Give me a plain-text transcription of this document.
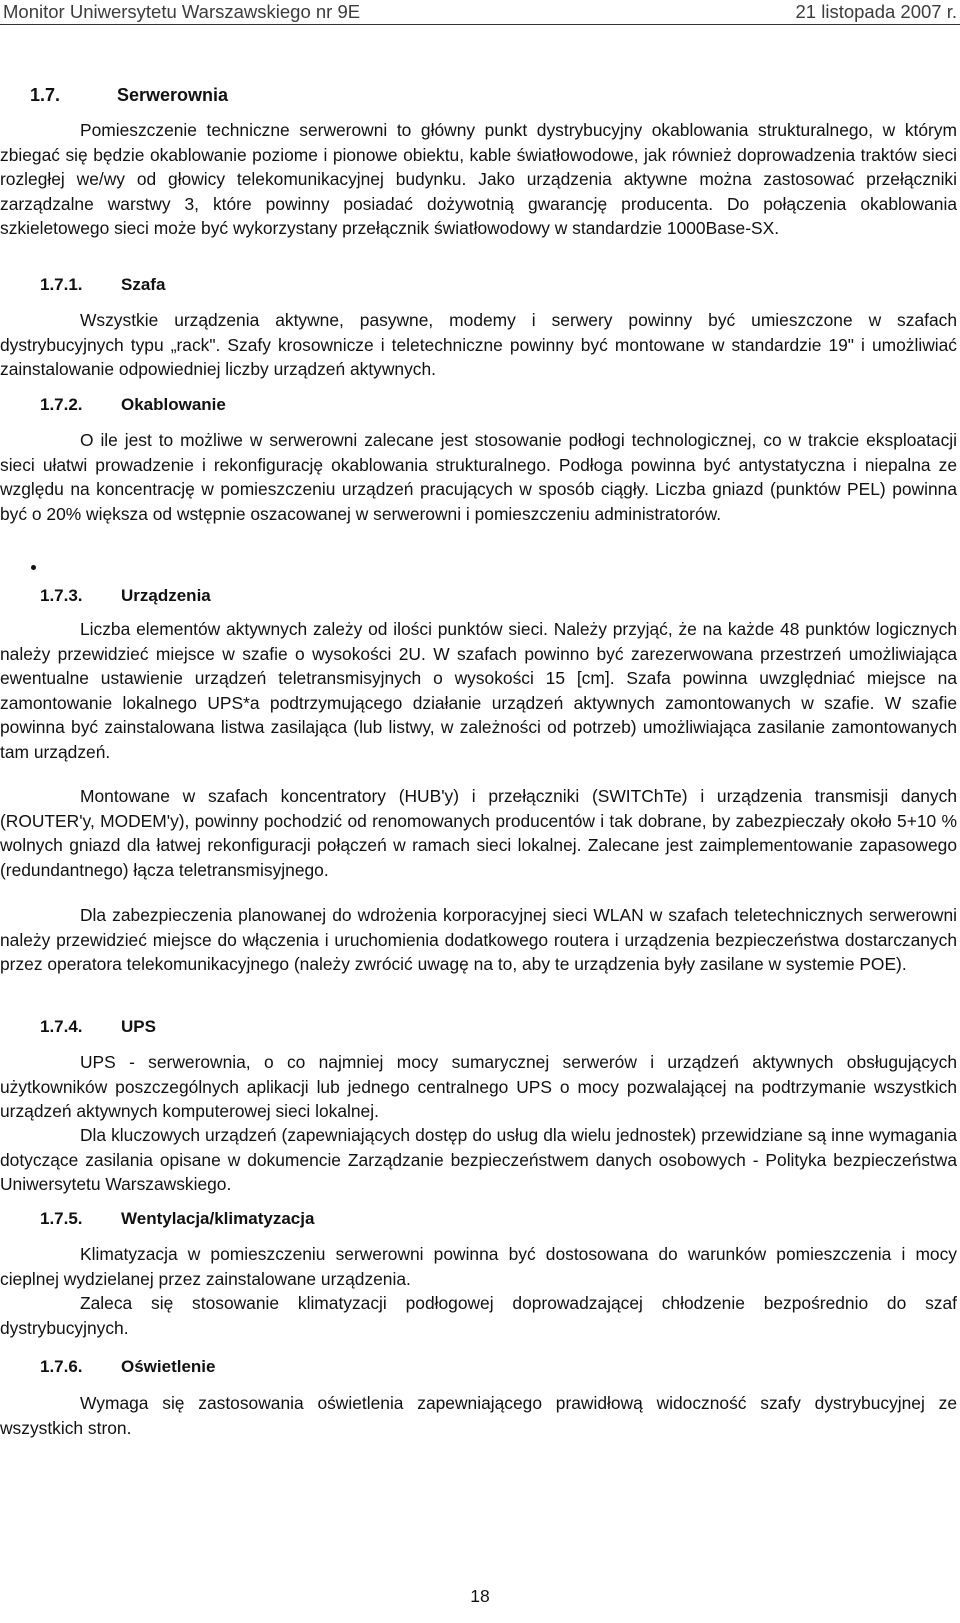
Monitor Uniwersytetu Warszawskiego nr 9E	21 listopada 2007 r.
1.7.	Serwerownia

Pomieszczenie techniczne serwerowni to główny punkt dystrybucyjny okablowania strukturalnego, w którym zbiegać się będzie okablowanie poziome i pionowe obiektu, kable światłowodowe, jak również doprowadzenia traktów sieci rozległej we/wy od głowicy telekomunikacyjnej budynku. Jako urządzenia aktywne można zastosować przełączniki zarządzalne warstwy 3, które powinny posiadać dożywotnią gwarancję producenta. Do połączenia okablowania szkieletowego sieci może być wykorzystany przełącznik światłowodowy w standardzie 1000Base-SX.

1.7.1. Szafa

Wszystkie urządzenia aktywne, pasywne, modemy i serwery powinny być umieszczone w szafach dystrybucyjnych typu „rack". Szafy krosownicze i teletechniczne powinny być montowane w standardzie 19" i umożliwiać zainstalowanie odpowiedniej liczby urządzeń aktywnych.

1.7.2. Okablowanie

O ile jest to możliwe w serwerowni zalecane jest stosowanie podłogi technologicznej, co w trakcie eksploatacji sieci ułatwi prowadzenie i rekonfigurację okablowania strukturalnego. Podłoga powinna być antystatyczna i niepalna ze względu na koncentrację w pomieszczeniu urządzeń pracujących w sposób ciągły. Liczba gniazd (punktów PEL) powinna być o 20% większa od wstępnie oszacowanej w serwerowni i pomieszczeniu administratorów.

1.7.3. Urządzenia

Liczba elementów aktywnych zależy od ilości punktów sieci. Należy przyjąć, że na każde 48 punktów logicznych należy przewidzieć miejsce w szafie o wysokości 2U. W szafach powinno być zarezerwowana przestrzeń umożliwiająca ewentualne ustawienie urządzeń teletransmisyjnych o wysokości 15 [cm]. Szafa powinna uwzględniać miejsce na zamontowanie lokalnego UPS*a podtrzymującego działanie urządzeń aktywnych zamontowanych w szafie. W szafie powinna być zainstalowana listwa zasilająca (lub listwy, w zależności od potrzeb) umożliwiająca zasilanie zamontowanych tam urządzeń.

Montowane w szafach koncentratory (HUB'y) i przełączniki (SWITChTe) i urządzenia transmisji danych (ROUTER'y, MODEM'y), powinny pochodzić od renomowanych producentów i tak dobrane, by zabezpieczały około 5+10 % wolnych gniazd dla łatwej rekonfiguracji połączeń w ramach sieci lokalnej. Zalecane jest zaimplementowanie zapasowego (redundantnego) łącza teletransmisyjnego.

Dla zabezpieczenia planowanej do wdrożenia korporacyjnej sieci WLAN w szafach teletechnicznych serwerowni należy przewidzieć miejsce do włączenia i uruchomienia dodatkowego routera i urządzenia bezpieczeństwa dostarczanych przez operatora telekomunikacyjnego (należy zwrócić uwagę na to, aby te urządzenia były zasilane w systemie POE).

1.7.4. UPS

UPS - serwerownia, o co najmniej mocy sumarycznej serwerów i urządzeń aktywnych obsługujących użytkowników poszczególnych aplikacji lub jednego centralnego UPS o mocy pozwalającej na podtrzymanie wszystkich urządzeń aktywnych komputerowej sieci lokalnej.

Dla kluczowych urządzeń (zapewniających dostęp do usług dla wielu jednostek) przewidziane są inne wymagania dotyczące zasilania opisane w dokumencie Zarządzanie bezpieczeństwem danych osobowych - Polityka bezpieczeństwa Uniwersytetu Warszawskiego.

1.7.5. Wentylacja/klimatyzacja

Klimatyzacja w pomieszczeniu serwerowni powinna być dostosowana do warunków pomieszczenia i mocy cieplnej wydzielanej przez zainstalowane urządzenia.

Zaleca się stosowanie klimatyzacji podłogowej doprowadzającej chłodzenie bezpośrednio do szaf dystrybucyjnych.

1.7.6. Oświetlenie

Wymaga się zastosowania oświetlenia zapewniającego prawidłową widoczność szafy dystrybucyjnej ze wszystkich stron.

18
